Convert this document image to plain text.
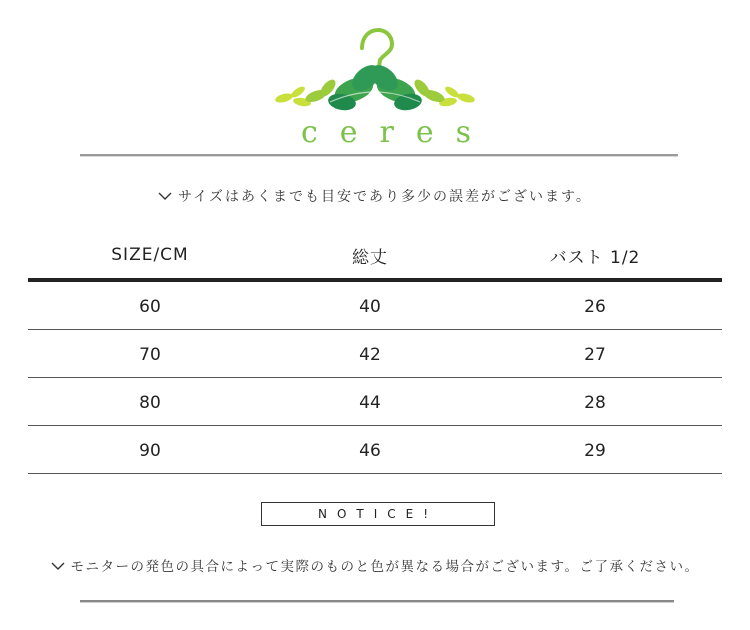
ceres
サイズはあくまでも目安であり多少の誤差がございます。
SIZE/CM	総丈	バスト 1/2
60	40	26
70	42	27
80	44	28
90	46	29
NOTICE!
モニターの発色の具合によって実際のものと色が異なる場合がございます。ご了承ください。
